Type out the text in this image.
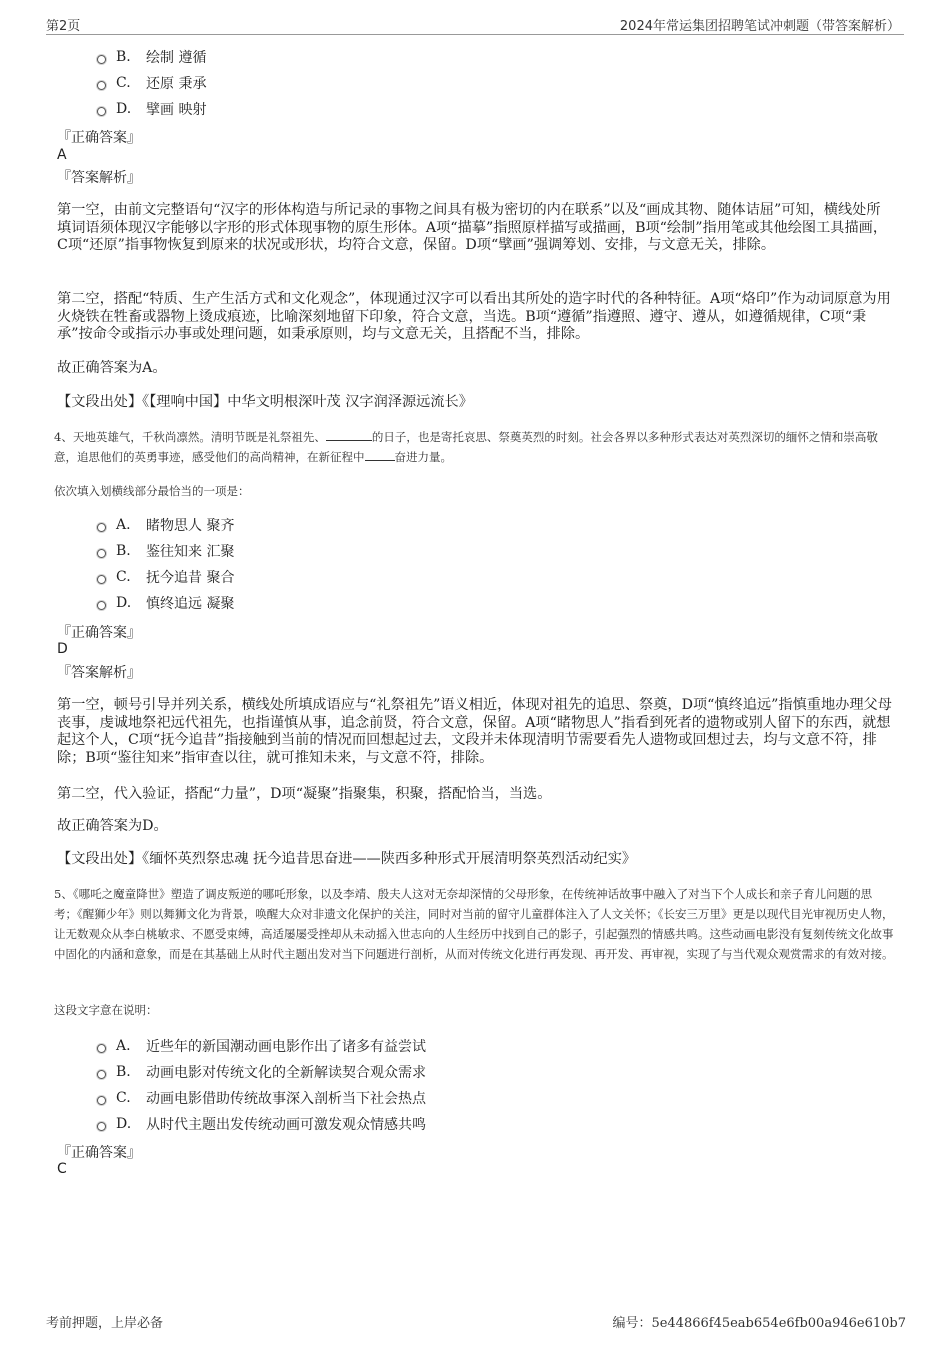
第2页	2024年常运集团招聘笔试冲刺题（带答案解析）
B.	绘制 遵循
C.	还原 秉承
D.	擘画 映射
『正确答案』
A
『答案解析』
第一空，由前文完整语句“汉字的形体构造与所记录的事物之间具有极为密切的内在联系”以及“画成其物、随体诘屈”可知，横线处所填词语须体现汉字能够以字形的形式体现事物的原生形体。A项“描摹”指照原样描写或描画，B项“绘制”指用笔或其他绘图工具描画，C项“还原”指事物恢复到原来的状况或形状，均符合文意，保留。D项“擘画”强调筹划、安排，与文意无关，排除。
第二空，搭配“特质、生产生活方式和文化观念”，体现通过汉字可以看出其所处的造字时代的各种特征。A项“烙印”作为动词原意为用火烧铁在牲畜或器物上烫成痕迹，比喻深刻地留下印象，符合文意，当选。B项“遵循”指遵照、遵守、遵从，如遵循规律，C项“秉承”按命令或指示办事或处理问题，如秉承原则，均与文意无关，且搭配不当，排除。
故正确答案为A。
【文段出处】《【理响中国】中华文明根深叶茂 汉字润泽源远流长》
4、天地英雄气，千秋尚凛然。清明节既是礼祭祖先、	的日子，也是寄托哀思、祭奠英烈的时刻。社会各界以多种形式表达对英烈深切的缅怀之情和崇高敬意，追思他们的英勇事迹，感受他们的高尚精神，在新征程中	奋进力量。
依次填入划横线部分最恰当的一项是：
A.	睹物思人 聚齐
B.	鉴往知来 汇聚
C.	抚今追昔 聚合
D.	慎终追远 凝聚
『正确答案』
D
『答案解析』
第一空，顿号引导并列关系，横线处所填成语应与“礼祭祖先”语义相近，体现对祖先的追思、祭奠，D项“慎终追远”指慎重地办理父母丧事，虔诚地祭祀远代祖先，也指谨慎从事，追念前贤，符合文意，保留。A项“睹物思人”指看到死者的遗物或别人留下的东西，就想起这个人，C项“抚今追昔”指接触到当前的情况而回想起过去，文段并未体现清明节需要看先人遗物或回想过去，均与文意不符，排除；B项“鉴往知来”指审查以往，就可推知未来，与文意不符，排除。
第二空，代入验证，搭配“力量”，D项“凝聚”指聚集，积聚，搭配恰当，当选。
故正确答案为D。
【文段出处】《缅怀英烈祭忠魂 抚今追昔思奋进——陕西多种形式开展清明祭英烈活动纪实》
5、《哪吒之魔童降世》塑造了调皮叛逆的哪吒形象，以及李靖、殷夫人这对无奈却深情的父母形象，在传统神话故事中融入了对当下个人成长和亲子育儿问题的思考；《醒狮少年》则以舞狮文化为背景，唤醒大众对非遗文化保护的关注，同时对当前的留守儿童群体注入了人文关怀；《长安三万里》更是以现代目光审视历史人物，让无数观众从李白桃敏求、不愿受束缚，高适屡屡受挫却从未动摇入世志向的人生经历中找到自己的影子，引起强烈的情感共鸣。这些动画电影没有复刻传统文化故事中固化的内涵和意象，而是在其基础上从时代主题出发对当下问题进行剖析，从而对传统文化进行再发现、再开发、再审视，实现了与当代观众观赏需求的有效对接。
这段文字意在说明：
A.	近些年的新国潮动画电影作出了诸多有益尝试
B.	动画电影对传统文化的全新解读契合观众需求
C.	动画电影借助传统故事深入剖析当下社会热点
D.	从时代主题出发传统动画可激发观众情感共鸣
『正确答案』
C
考前押题，上岸必备	编号：5e44866f45eab654e6fb00a946e610b7
